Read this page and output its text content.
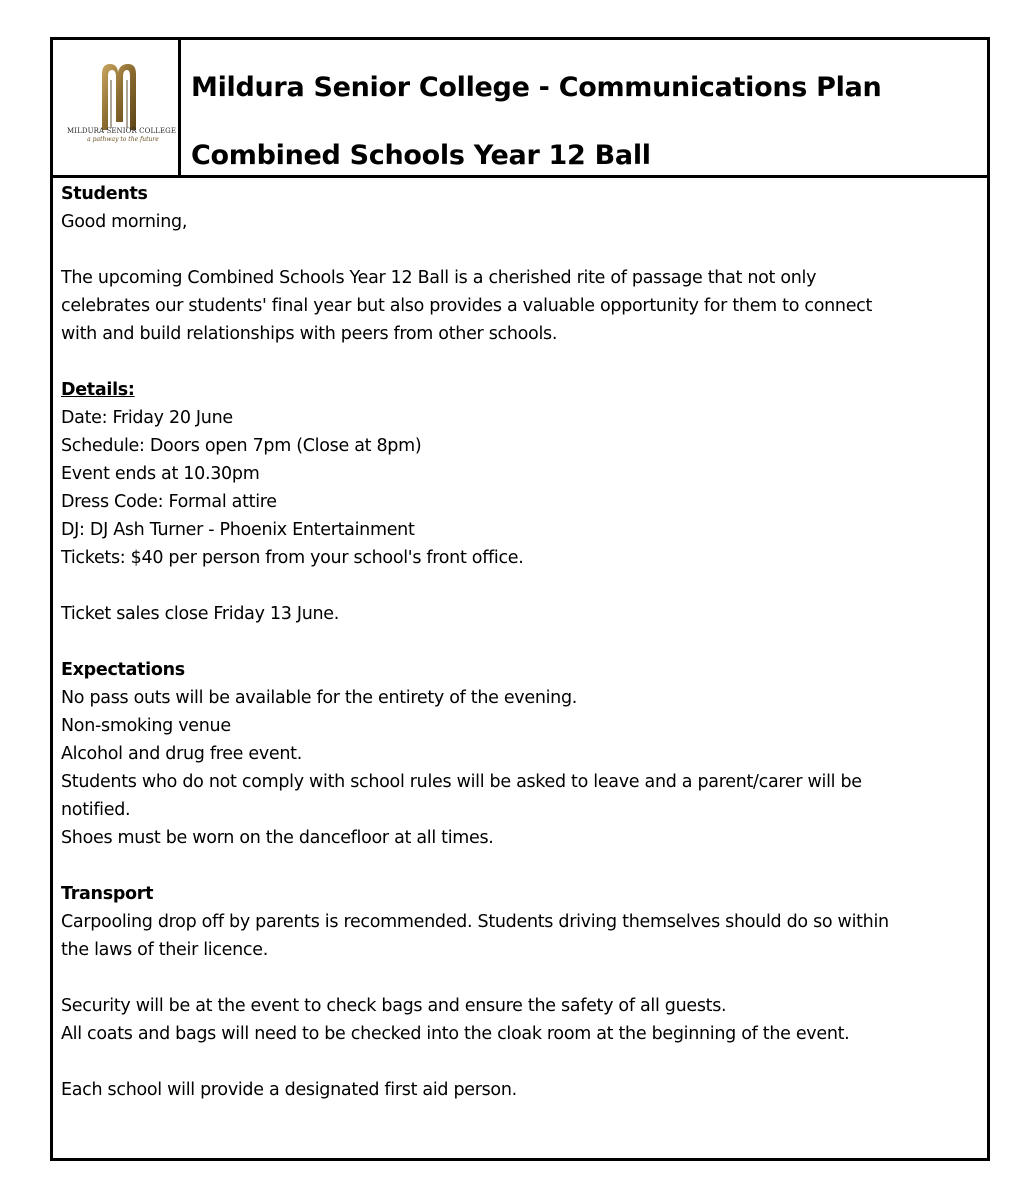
MILDURA SENIOR COLLEGE
a pathway to the future
Mildura Senior College - Communications Plan
Combined Schools Year 12 Ball

Students

Good morning,

The upcoming Combined Schools Year 12 Ball is a cherished rite of passage that not only

celebrates our students' final year but also provides a valuable opportunity for them to connect

with and build relationships with peers from other schools.

Details:

Date: Friday 20 June

Schedule: Doors open 7pm (Close at 8pm)

Event ends at 10.30pm

Dress Code: Formal attire

DJ: DJ Ash Turner - Phoenix Entertainment

Tickets: $40 per person from your school's front office.

Ticket sales close Friday 13 June.

Expectations

No pass outs will be available for the entirety of the evening.

Non-smoking venue

Alcohol and drug free event.

Students who do not comply with school rules will be asked to leave and a parent/carer will be

notified.

Shoes must be worn on the dancefloor at all times.

Transport

Carpooling drop off by parents is recommended. Students driving themselves should do so within

the laws of their licence.

Security will be at the event to check bags and ensure the safety of all guests.

All coats and bags will need to be checked into the cloak room at the beginning of the event.

Each school will provide a designated first aid person.
